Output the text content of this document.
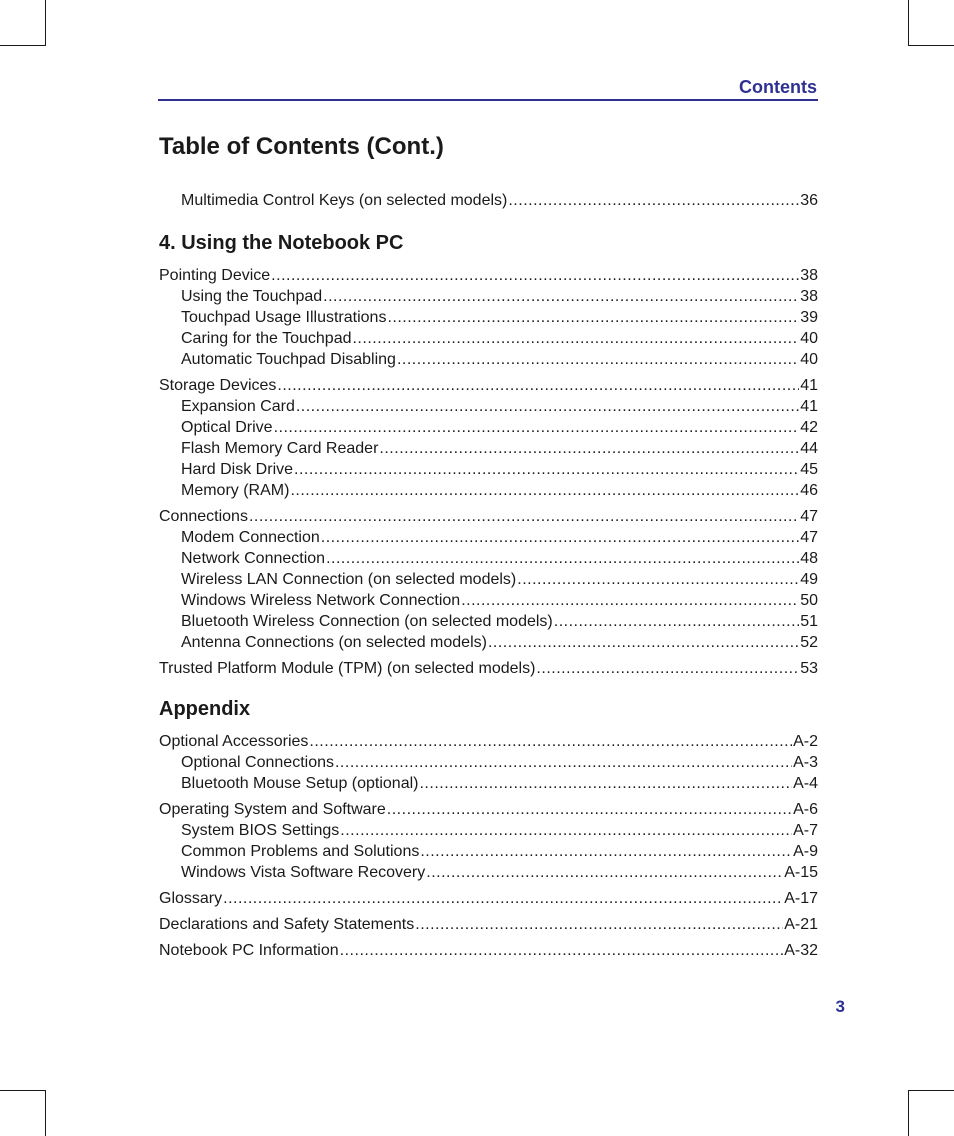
Contents
Table of Contents (Cont.)
Multimedia Control Keys (on selected models) .....	36
4. Using the Notebook PC
Pointing Device .....	38
Using the Touchpad .....	38
Touchpad Usage Illustrations .....	39
Caring for the Touchpad .....	40
Automatic Touchpad Disabling .....	40
Storage Devices .....	41
Expansion Card .....	41
Optical Drive .....	42
Flash Memory Card Reader .....	44
Hard Disk Drive .....	45
Memory (RAM) .....	46
Connections .....	47
Modem Connection .....	47
Network Connection .....	48
Wireless LAN Connection (on selected models) .....	49
Windows Wireless Network Connection .....	50
Bluetooth Wireless Connection (on selected models) .....	51
Antenna Connections (on selected models) .....	52
Trusted Platform Module (TPM) (on selected models) .....	53
Appendix
Optional Accessories .....	A-2
Optional Connections .....	A-3
Bluetooth Mouse Setup (optional) .....	A-4
Operating System and Software .....	A-6
System BIOS Settings .....	A-7
Common Problems and Solutions .....	A-9
Windows Vista Software Recovery .....	A-15
Glossary .....	A-17
Declarations and Safety Statements .....	A-21
Notebook PC Information .....	A-32
3
